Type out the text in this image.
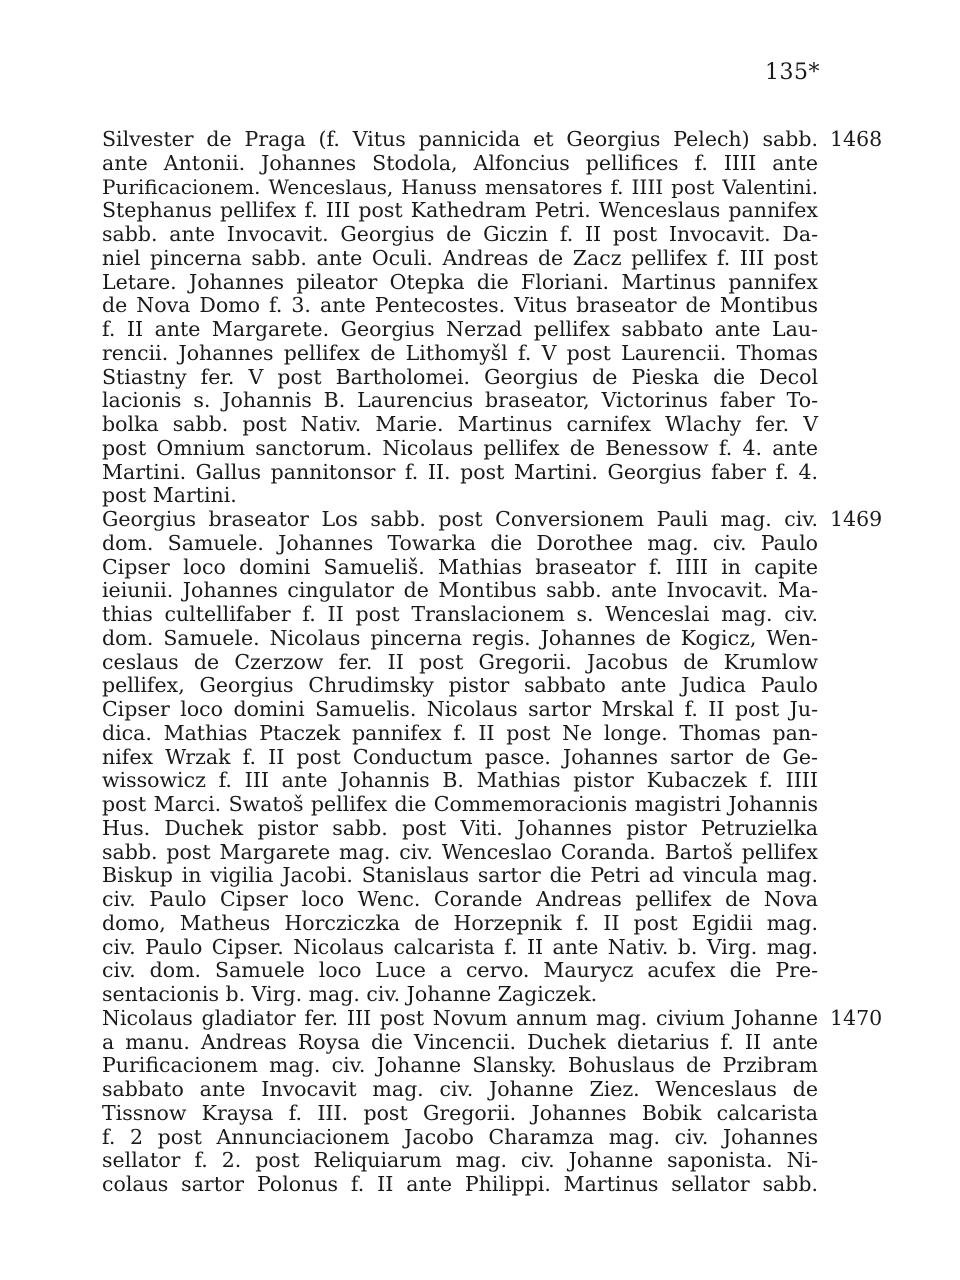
135*
1468
Silvester de Praga (f. Vitus pannicida et Georgius Pelech) sabb.
ante Antonii. Johannes Stodola, Alfoncius pellifices f. IIII ante
Purificacionem. Wenceslaus, Hanuss mensatores f. IIII post Valentini.
Stephanus pellifex f. III post Kathedram Petri. Wenceslaus pannifex
sabb. ante Invocavit. Georgius de Giczin f. II post Invocavit. Da-
niel pincerna sabb. ante Oculi. Andreas de Zacz pellifex f. III post
Letare. Johannes pileator Otepka die Floriani. Martinus pannifex
de Nova Domo f. 3. ante Pentecostes. Vitus braseator de Montibus
f. II ante Margarete. Georgius Nerzad pellifex sabbato ante Lau-
rencii. Johannes pellifex de Lithomyšl f. V post Laurencii. Thomas
Stiastny fer. V post Bartholomei. Georgius de Pieska die Decol
lacionis s. Johannis B. Laurencius braseator, Victorinus faber To-
bolka sabb. post Nativ. Marie. Martinus carnifex Wlachy fer. V
post Omnium sanctorum. Nicolaus pellifex de Benessow f. 4. ante
Martini. Gallus pannitonsor f. II. post Martini. Georgius faber f. 4.
post Martini.
1469
Georgius braseator Los sabb. post Conversionem Pauli mag. civ.
dom. Samuele. Johannes Towarka die Dorothee mag. civ. Paulo
Cipser loco domini Samueliš. Mathias braseator f. IIII in capite
ieiunii. Johannes cingulator de Montibus sabb. ante Invocavit. Ma-
thias cultellifaber f. II post Translacionem s. Wenceslai mag. civ.
dom. Samuele. Nicolaus pincerna regis. Johannes de Kogicz, Wen-
ceslaus de Czerzow fer. II post Gregorii. Jacobus de Krumlow
pellifex, Georgius Chrudimsky pistor sabbato ante Judica Paulo
Cipser loco domini Samuelis. Nicolaus sartor Mrskal f. II post Ju-
dica. Mathias Ptaczek pannifex f. II post Ne longe. Thomas pan-
nifex Wrzak f. II post Conductum pasce. Johannes sartor de Ge-
wissowicz f. III ante Johannis B. Mathias pistor Kubaczek f. IIII
post Marci. Swatoš pellifex die Commemoracionis magistri Johannis
Hus. Duchek pistor sabb. post Viti. Johannes pistor Petruzielka
sabb. post Margarete mag. civ. Wenceslao Coranda. Bartoš pellifex
Biskup in vigilia Jacobi. Stanislaus sartor die Petri ad vincula mag.
civ. Paulo Cipser loco Wenc. Corande Andreas pellifex de Nova
domo, Matheus Horcziczka de Horzepnik f. II post Egidii mag.
civ. Paulo Cipser. Nicolaus calcarista f. II ante Nativ. b. Virg. mag.
civ. dom. Samuele loco Luce a cervo. Maurycz acufex die Pre-
sentacionis b. Virg. mag. civ. Johanne Zagiczek.
1470
Nicolaus gladiator fer. III post Novum annum mag. civium Johanne
a manu. Andreas Roysa die Vincencii. Duchek dietarius f. II ante
Purificacionem mag. civ. Johanne Slansky. Bohuslaus de Przibram
sabbato ante Invocavit mag. civ. Johanne Ziez. Wenceslaus de
Tissnow Kraysa f. III. post Gregorii. Johannes Bobik calcarista
f. 2 post Annunciacionem Jacobo Charamza mag. civ. Johannes
sellator f. 2. post Reliquiarum mag. civ. Johanne saponista. Ni-
colaus sartor Polonus f. II ante Philippi. Martinus sellator sabb.
